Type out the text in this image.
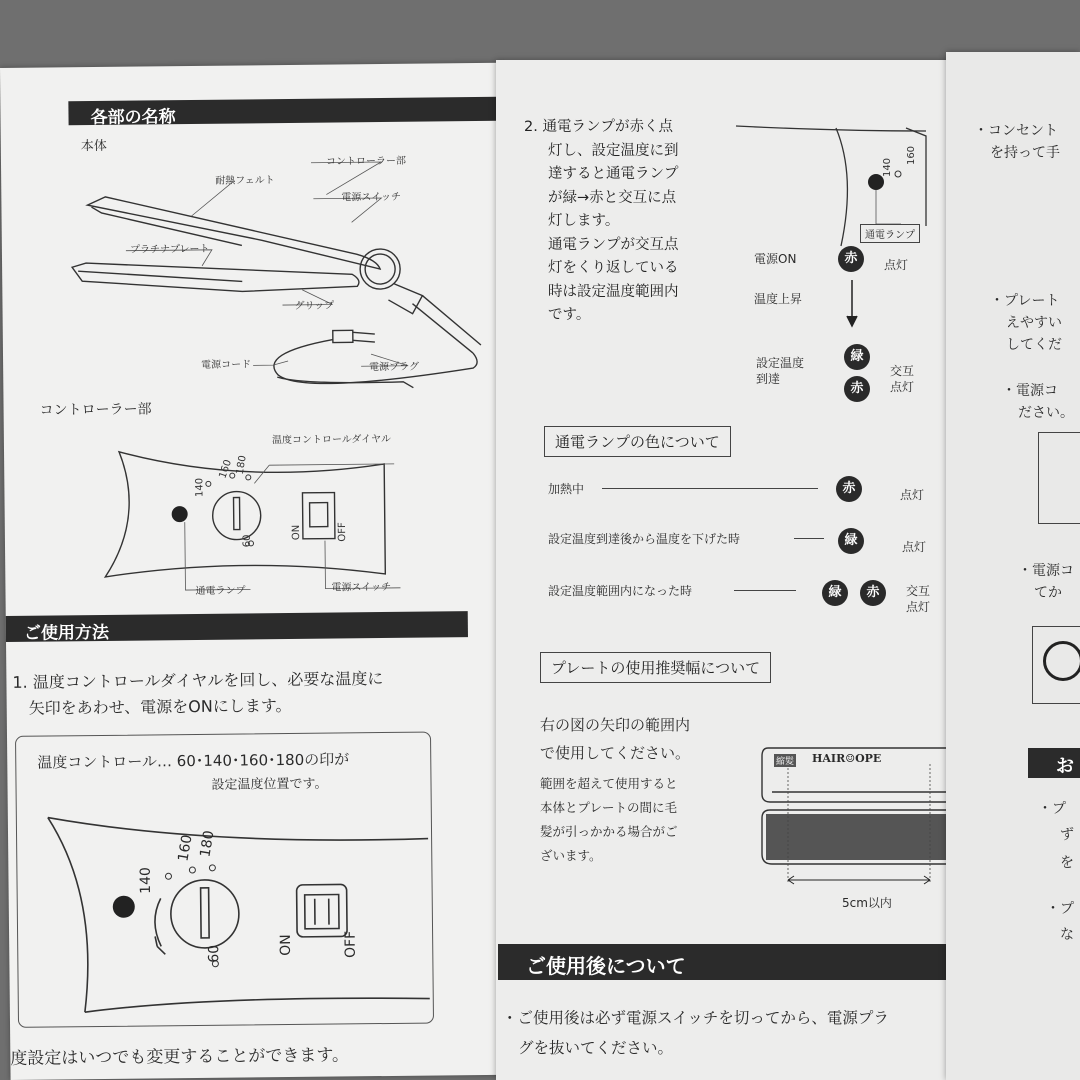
各部の名称
本体
耐熱フェルト
コントローラー部
電源スイッチ
プラチナプレート
グリップ
電源コード	電源プラグ
コントローラー部
温度コントロールダイヤル
通電ランプ	電源スイッチ
140
160 180
60
ON	OFF
ご使用方法
1. 温度コントロールダイヤルを回し、必要な温度に
矢印をあわせ、電源をONにします。
温度コントロール… 60･140･160･180の印が
設定温度位置です。
140
160 180
60	ON	OFF
度設定はいつでも変更することができます。
2. 通電ランプが赤く点
灯し、設定温度に到
達すると通電ランプ
が緑→赤と交互に点
灯します。
通電ランプが交互点
灯をくり返している
時は設定温度範囲内
です。
140
160
通電ランプ
電源ON	赤	点灯
温度上昇
設定温度
到達
緑
赤
交互
点灯
通電ランプの色について
加熱中	赤	点灯
設定温度到達後から温度を下げた時	緑	点灯
設定温度範囲内になった時	緑	赤	交互
点灯
プレートの使用推奨幅について
右の図の矢印の範囲内
で使用してください。
範囲を超えて使用すると
本体とプレートの間に毛
髪が引っかかる場合がご
ざいます。
縮髪 HAIR☺OPE
5cm以内
ご使用後について
・ご使用後は必ず電源スイッチを切ってから、電源プラ
グを抜いてください。
・コンセント
を持って手
・プレート
えやすい
してくだ
・電源コ
ださい。
・電源コ
てか
お
・プ
ず
を
・プ
な
